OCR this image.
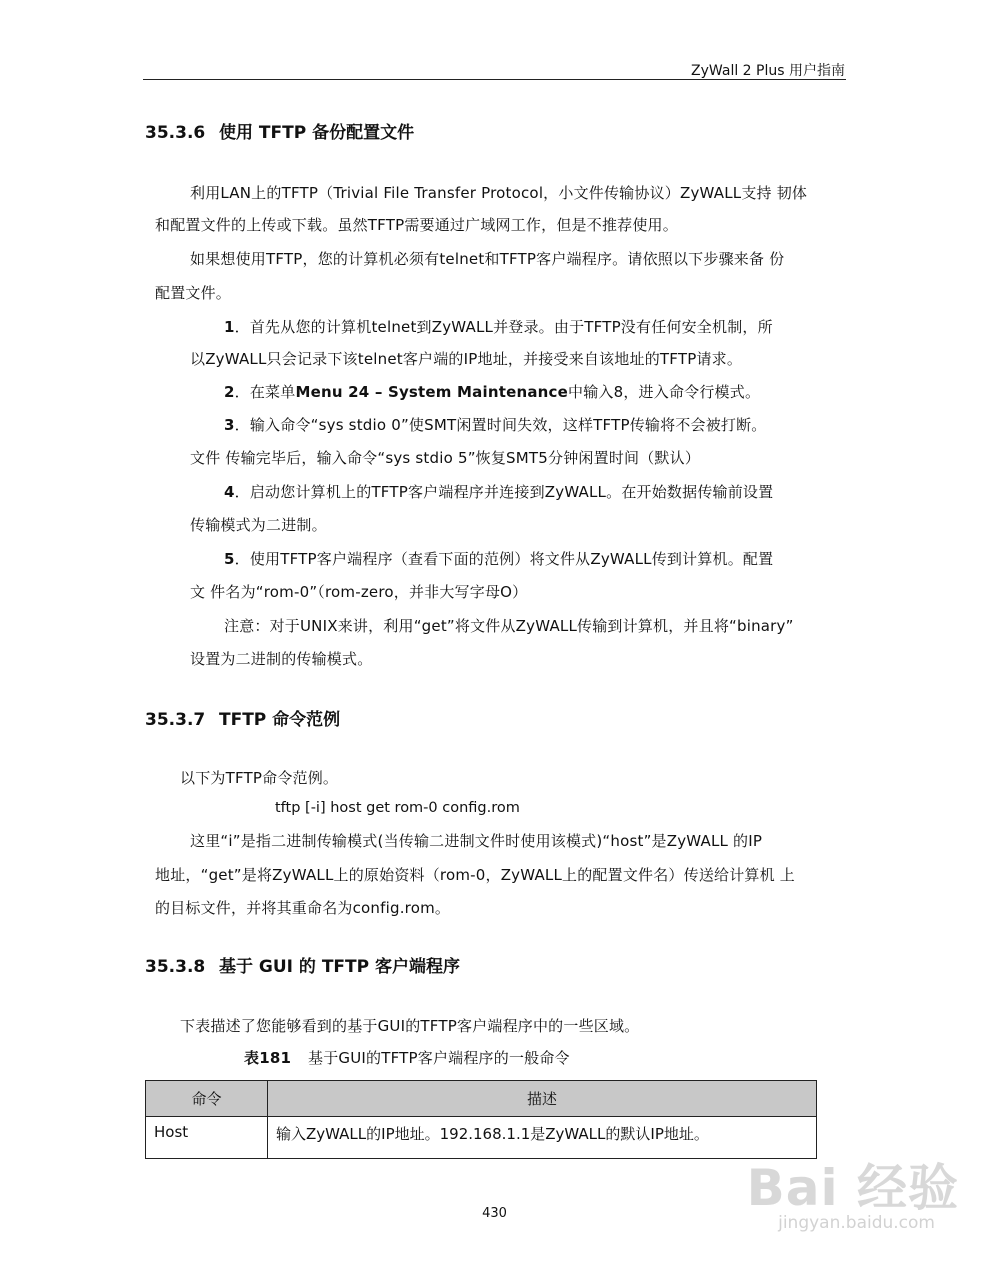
ZyWall 2 Plus 用户指南
35.3.6 使用 TFTP 备份配置文件
利用LAN上的TFTP（Trivial File Transfer Protocol，小文件传输协议）ZyWALL支持 韧体
和配置文件的上传或下载。虽然TFTP需要通过广域网工作，但是不推荐使用。
如果想使用TFTP，您的计算机必须有telnet和TFTP客户端程序。请依照以下步骤来备 份
配置文件。
1．首先从您的计算机telnet到ZyWALL并登录。由于TFTP没有任何安全机制，所
以ZyWALL只会记录下该telnet客户端的IP地址，并接受来自该地址的TFTP请求。
2．在菜单Menu 24 – System Maintenance中输入8，进入命令行模式。
3．输入命令“sys stdio 0”使SMT闲置时间失效，这样TFTP传输将不会被打断。
文件 传输完毕后，输入命令“sys stdio 5”恢复SMT5分钟闲置时间（默认）
4．启动您计算机上的TFTP客户端程序并连接到ZyWALL。在开始数据传输前设置
传输模式为二进制。
5．使用TFTP客户端程序（查看下面的范例）将文件从ZyWALL传到计算机。配置
文 件名为“rom-0”（rom-zero，并非大写字母O）
注意：对于UNIX来讲，利用“get”将文件从ZyWALL传输到计算机，并且将“binary”
设置为二进制的传输模式。
35.3.7 TFTP 命令范例
以下为TFTP命令范例。
tftp [-i] host get rom-0 config.rom
这里“i”是指二进制传输模式(当传输二进制文件时使用该模式)“host”是ZyWALL 的IP
地址，“get”是将ZyWALL上的原始资料（rom-0，ZyWALL上的配置文件名）传送给计算机 上
的目标文件，并将其重命名为config.rom。
35.3.8 基于 GUI 的 TFTP 客户端程序
下表描述了您能够看到的基于GUI的TFTP客户端程序中的一些区域。
表181 基于GUI的TFTP客户端程序的一般命令
命令	描述
Host	输入ZyWALL的IP地址。192.168.1.1是ZyWALL的默认IP地址。
430	Bai 经验
jingyan.baidu.com
